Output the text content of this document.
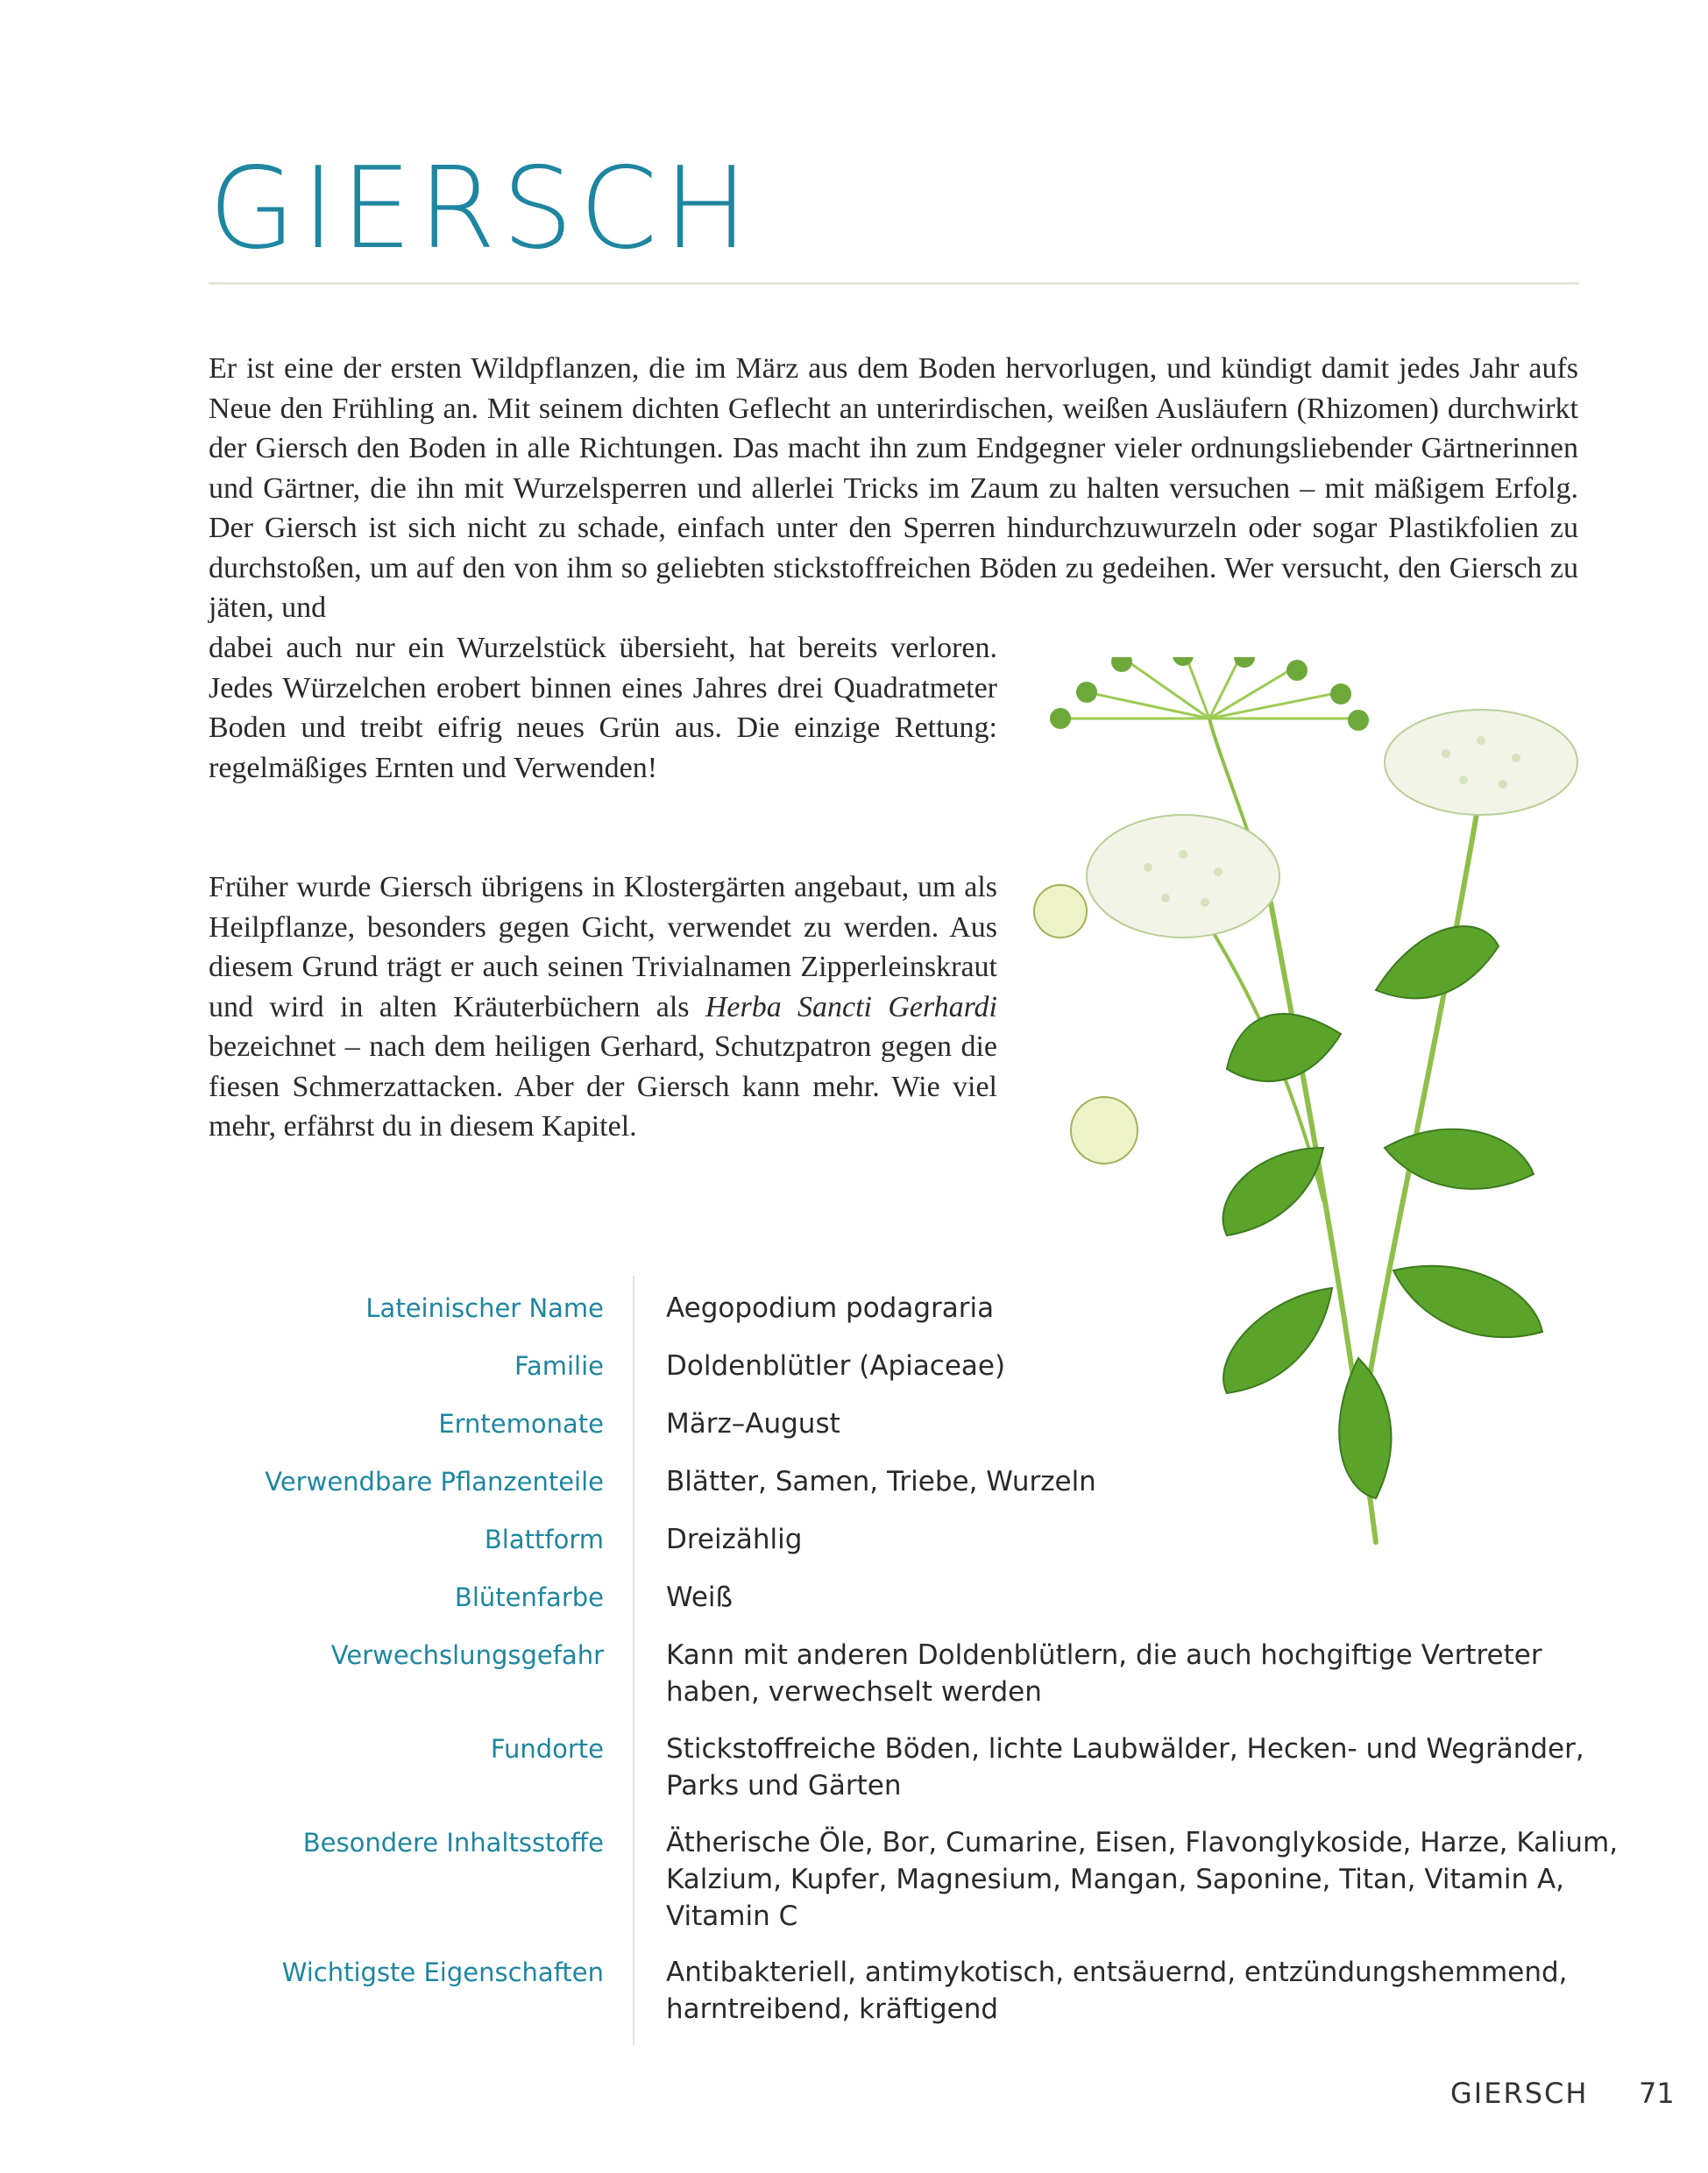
GIERSCH
Er ist eine der ersten Wildpflanzen, die im März aus dem Boden hervorlugen, und kündigt damit jedes Jahr aufs Neue den Frühling an. Mit seinem dichten Geflecht an unterirdischen, weißen Ausläufern (Rhizomen) durchwirkt der Giersch den Boden in alle Richtungen. Das macht ihn zum Endgegner vieler ordnungsliebender Gärtnerinnen und Gärtner, die ihn mit Wurzelsperren und allerlei Tricks im Zaum zu halten versuchen – mit mäßigem Erfolg. Der Giersch ist sich nicht zu schade, einfach unter den Sperren hindurchzuwurzeln oder sogar Plastikfolien zu durchstoßen, um auf den von ihm so geliebten stickstoffreichen Böden zu gedeihen. Wer versucht, den Giersch zu jäten, und
dabei auch nur ein Wurzelstück übersieht, hat bereits verloren. Jedes Würzelchen erobert binnen eines Jahres drei Quadratmeter Boden und treibt eifrig neues Grün aus. Die einzige Rettung: regelmäßiges Ernten und Verwenden!

Früher wurde Giersch übrigens in Klostergärten angebaut, um als Heilpflanze, besonders gegen Gicht, verwendet zu werden. Aus diesem Grund trägt er auch seinen Trivialnamen Zipperleinskraut und wird in alten Kräuterbüchern als Herba Sancti Gerhardi bezeichnet – nach dem heiligen Gerhard, Schutzpatron gegen die fiesen Schmerzattacken. Aber der Giersch kann mehr. Wie viel mehr, erfährst du in diesem Kapitel.

Lateinischer Name Aegopodium podagraria
Familie Doldenblütler (Apiaceae)
Erntemonate März–August
Verwendbare Pflanzenteile Blätter, Samen, Triebe, Wurzeln
Blattform Dreizählig
Blütenfarbe Weiß
Verwechslungsgefahr Kann mit anderen Doldenblütlern, die auch hochgiftige Vertreter haben, verwechselt werden
Fundorte Stickstoffreiche Böden, lichte Laubwälder, Hecken- und Wegränder, Parks und Gärten
Besondere Inhaltsstoffe Ätherische Öle, Bor, Cumarine, Eisen, Flavonglykoside, Harze, Kalium, Kalzium, Kupfer, Magnesium, Mangan, Saponine, Titan, Vitamin A, Vitamin C
Wichtigste Eigenschaften Antibakteriell, antimykotisch, entsäuernd, entzündungshemmend, harntreibend, kräftigend
GIERSCH 71
